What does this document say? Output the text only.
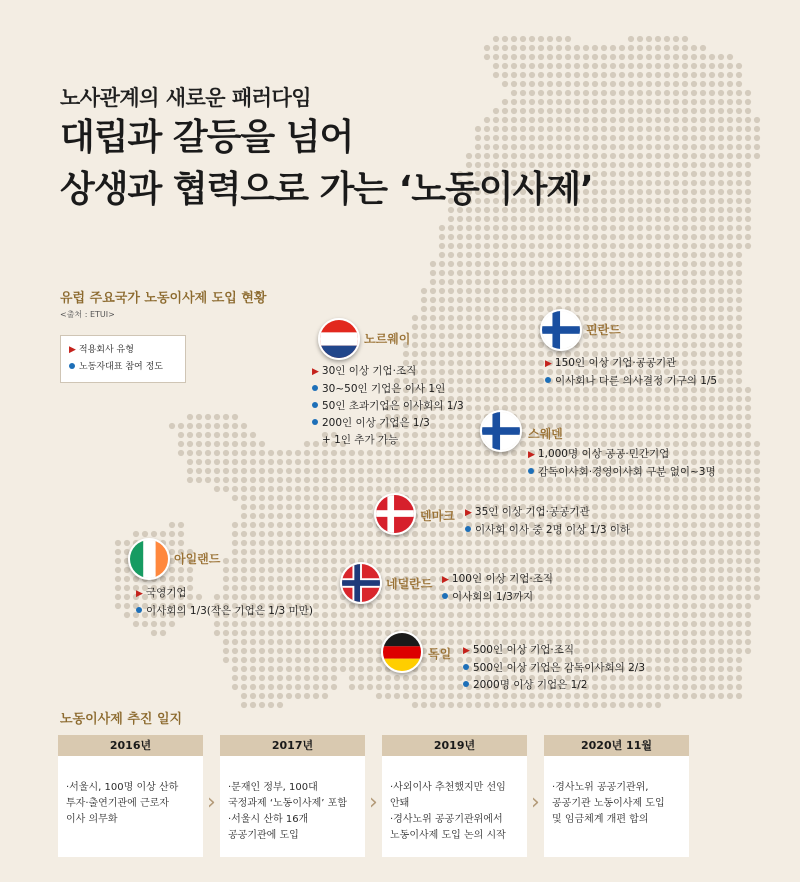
노사관계의 새로운 패러다임
대립과 갈등을 넘어
상생과 협력으로 가는 ‘노동이사제’
유럽 주요국가 노동이사제 도입 현황
<출처 : ETUI>
▶ 적용회사 유형
노동자대표 참여 정도
노르웨이
▶ 30인 이상 기업·조직
30~50인 기업은 이사 1인
50인 초과기업은 이사회의 1/3
200인 이상 기업은 1/3
+ 1인 추가 가능
핀란드
▶ 150인 이상 기업·공공기관
이사회나 다른 의사결정 기구의 1/5
스웨덴
▶ 1,000명 이상 공공·민간기업
감독이사회·경영이사회 구분 없이~3명
덴마크 ▶ 35인 이상 기업·공공기관
이사회 이사 중 2명 이상 1/3 이하
아일랜드
▶ 국영기업
이사회의 1/3(작은 기업은 1/3 미만)
네덜란드 ▶ 100인 이상 기업·조직
이사회의 1/3까지
독일 ▶ 500인 이상 기업·조직
500인 이상 기업은 감독이사회의 2/3
2000명 이상 기업은 1/2
노동이사제 추진 일지
2016년
·서울시, 100명 이상 산하
투자·출연기관에 근로자
이사 의무화
›
2017년
·문재인 정부, 100대
국정과제 ‘노동이사제’ 포함
·서울시 산하 16개
공공기관에 도입
›
2019년
·사외이사 추천했지만 선임
안돼
·경사노위 공공기관위에서
노동이사제 도입 논의 시작
›
2020년 11월
·경사노위 공공기관위,
공공기관 노동이사제 도입
및 임금체계 개편 합의
